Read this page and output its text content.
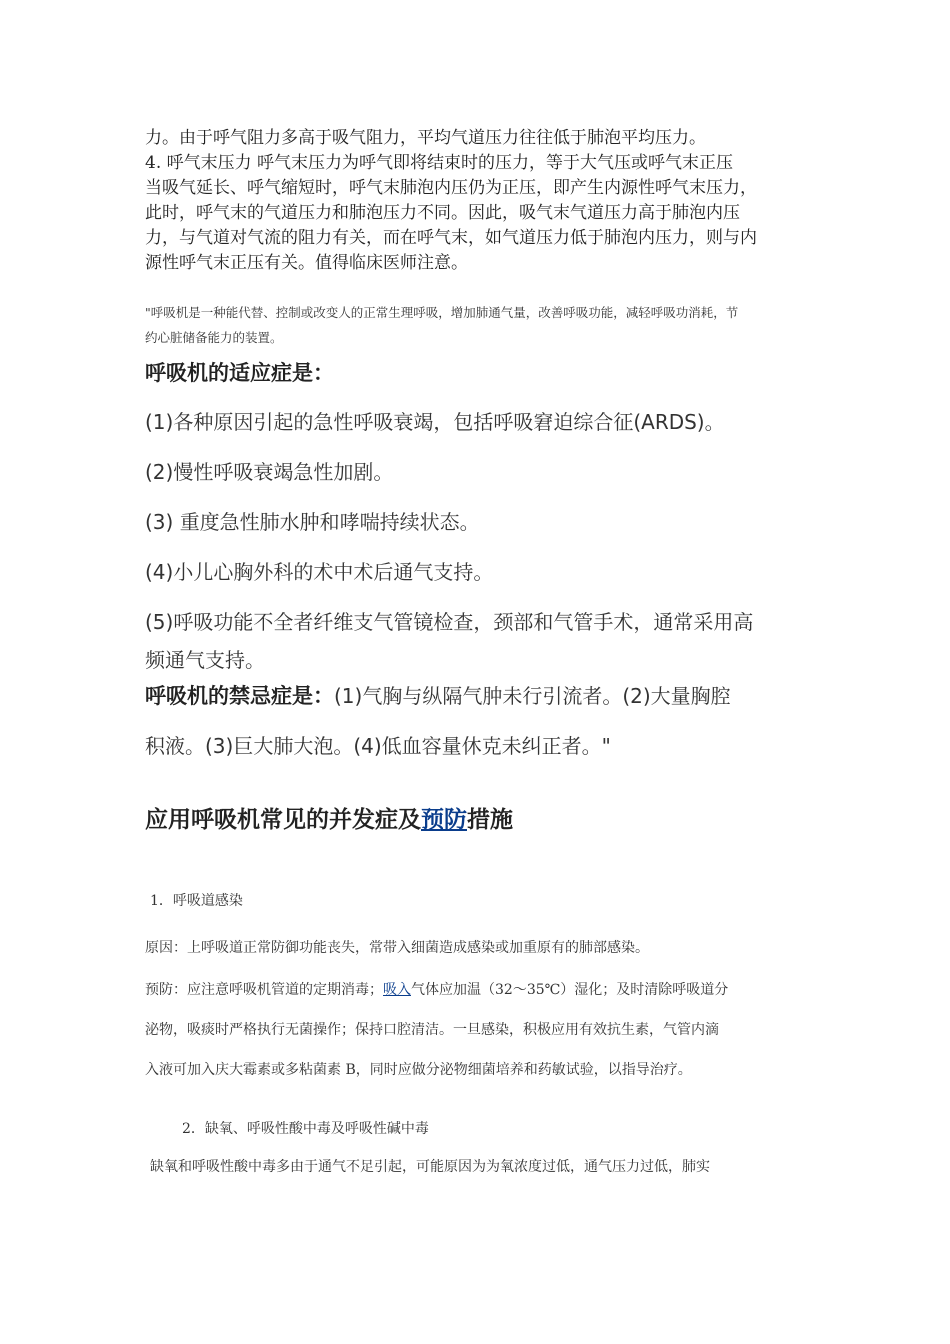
力。由于呼气阻力多高于吸气阻力，平均气道压力往往低于肺泡平均压力。
4. 呼气末压力 呼气末压力为呼气即将结束时的压力，等于大气压或呼气末正压
当吸气延长、呼气缩短时，呼气末肺泡内压仍为正压，即产生内源性呼气末压力，
此时，呼气末的气道压力和肺泡压力不同。因此，吸气末气道压力高于肺泡内压
力，与气道对气流的阻力有关，而在呼气末，如气道压力低于肺泡内压力，则与内
源性呼气末正压有关。值得临床医师注意。
"呼吸机是一种能代替、控制或改变人的正常生理呼吸，增加肺通气量，改善呼吸功能，减轻呼吸功消耗，节
约心脏储备能力的装置。
呼吸机的适应症是：
(1)各种原因引起的急性呼吸衰竭，包括呼吸窘迫综合征(ARDS)。
(2)慢性呼吸衰竭急性加剧。
(3) 重度急性肺水肿和哮喘持续状态。
(4)小儿心胸外科的术中术后通气支持。
(5)呼吸功能不全者纤维支气管镜检查，颈部和气管手术，通常采用高
频通气支持。
呼吸机的禁忌症是：(1)气胸与纵隔气肿未行引流者。(2)大量胸腔
积液。(3)巨大肺大泡。(4)低血容量休克未纠正者。"
应用呼吸机常见的并发症及预防措施
1．呼吸道感染
原因：上呼吸道正常防御功能丧失，常带入细菌造成感染或加重原有的肺部感染。
预防：应注意呼吸机管道的定期消毒；吸入气体应加温（32～35℃）湿化；及时清除呼吸道分
泌物，吸痰时严格执行无菌操作；保持口腔清洁。一旦感染，积极应用有效抗生素，气管内滴
入液可加入庆大霉素或多粘菌素 B，同时应做分泌物细菌培养和药敏试验，以指导治疗。
2．缺氧、呼吸性酸中毒及呼吸性碱中毒
缺氧和呼吸性酸中毒多由于通气不足引起，可能原因为为氧浓度过低，通气压力过低，肺实
